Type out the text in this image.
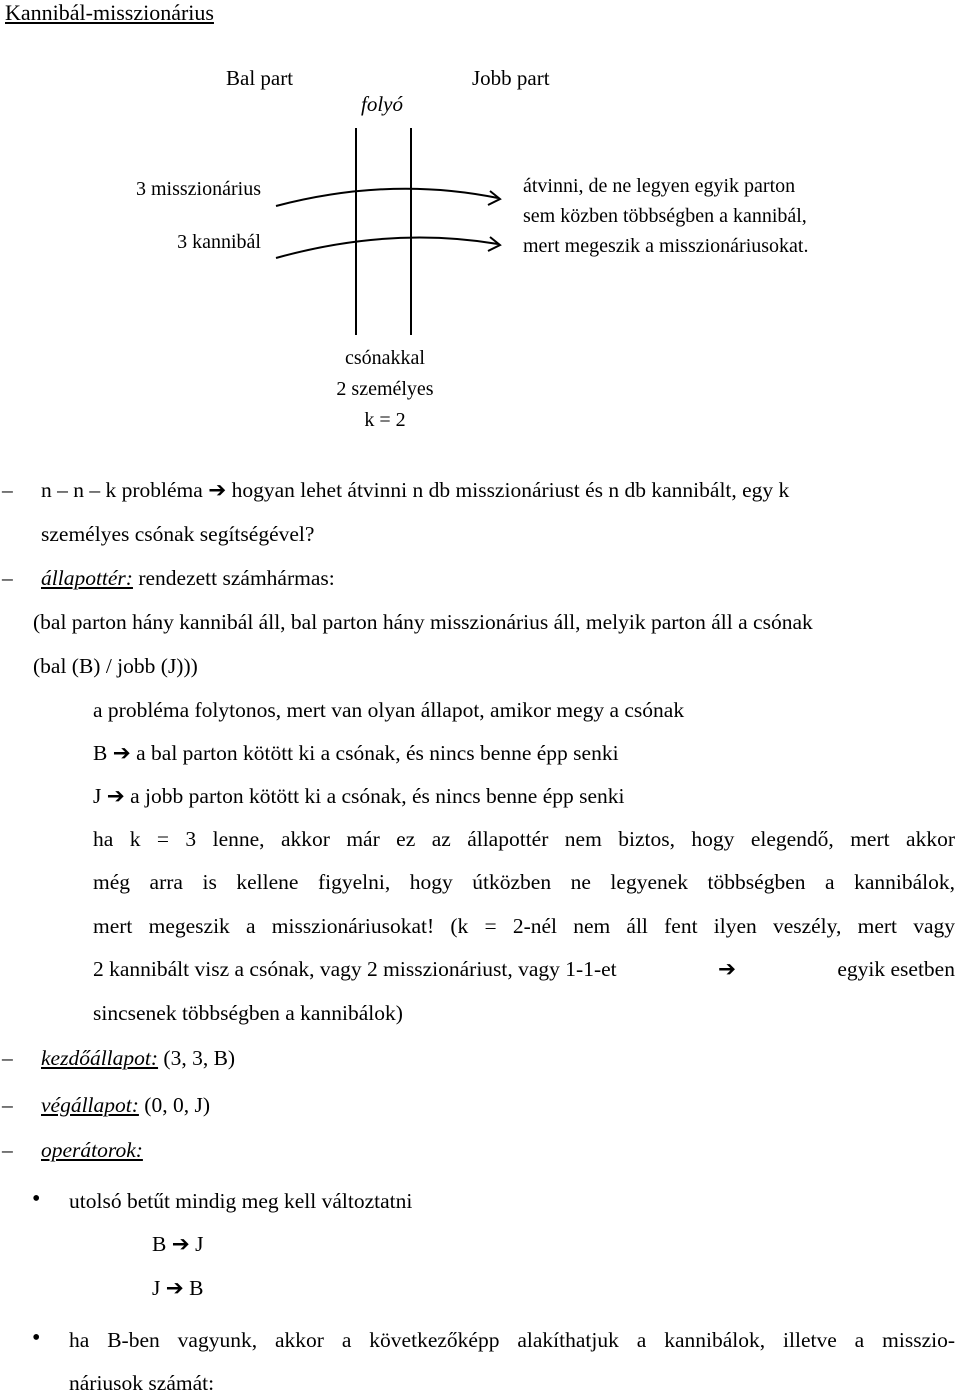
Kannibál-misszionárius
Bal part	Jobb part
folyó
3 misszionárius
3 kannibál
átvinni, de ne legyen egyik parton
sem közben többségben a kannibál,
mert megeszik a misszionáriusokat.
csónakkal
2 személyes
k = 2
– n – n – k probléma ➔ hogyan lehet átvinni n db misszionáriust és n db kannibált, egy k
személyes csónak segítségével?
– állapottér: rendezett számhármas:
(bal parton hány kannibál áll, bal parton hány misszionárius áll, melyik parton áll a csónak
(bal (B) / jobb (J)))
a probléma folytonos, mert van olyan állapot, amikor megy a csónak
B ➔ a bal parton kötött ki a csónak, és nincs benne épp senki
J ➔ a jobb parton kötött ki a csónak, és nincs benne épp senki
ha k = 3 lenne, akkor már ez az állapottér nem biztos, hogy elegendő, mert akkor
még arra is kellene figyelni, hogy útközben ne legyenek többségben a kannibálok,
mert megeszik a misszionáriusokat! (k = 2-nél nem áll fent ilyen veszély, mert vagy
2 kannibált visz a csónak, vagy 2 misszionáriust, vagy 1-1-et	➔	egyik esetben
sincsenek többségben a kannibálok)
– kezdőállapot: (3, 3, B)
– végállapot: (0, 0, J)
– operátorok:
• utolsó betűt mindig meg kell változtatni
B ➔ J
J ➔ B
• ha B-ben vagyunk, akkor a következőképp alakíthatjuk a kannibálok, illetve a misszio-
náriusok számát:
